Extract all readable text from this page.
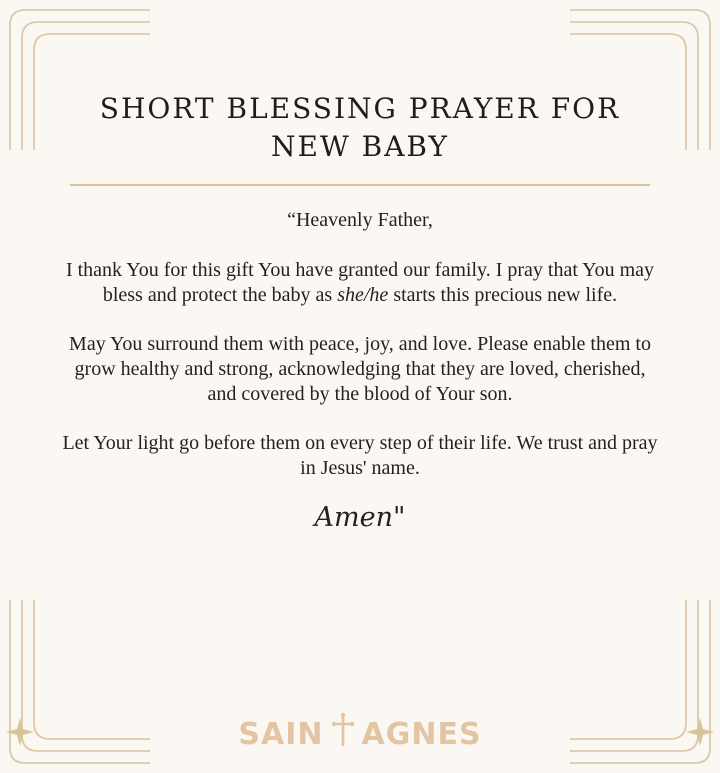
SHORT BLESSING PRAYER FOR
NEW BABY

“Heavenly Father,

I thank You for this gift You have granted our family. I pray that You may bless and protect the baby as she/he starts this precious new life.

May You surround them with peace, joy, and love. Please enable them to grow healthy and strong, acknowledging that they are loved, cherished, and covered by the blood of Your son.

Let Your light go before them on every step of their life. We trust and pray in Jesus' name.

Amen"
SAIN AGNES
